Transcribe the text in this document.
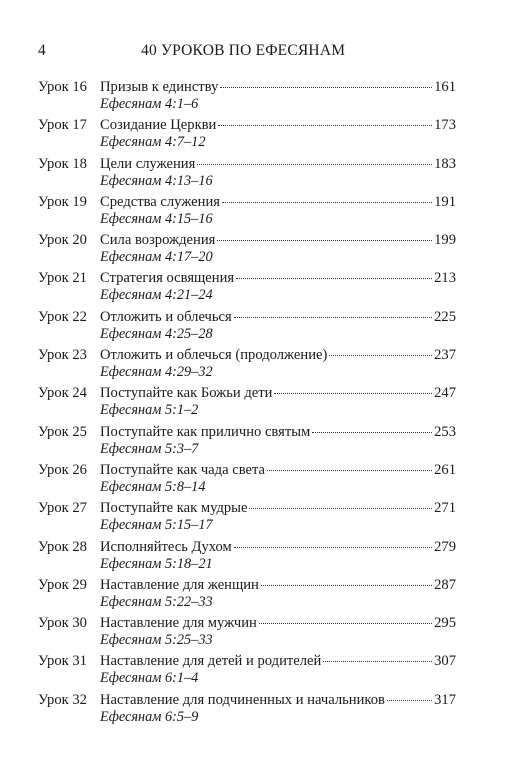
4	40 УРОКОВ ПО ЕФЕСЯНАМ
Урок 16 Призыв к единству	161
Ефесянам 4:1–6
Урок 17 Созидание Церкви	173
Ефесянам 4:7–12
Урок 18 Цели служения	183
Ефесянам 4:13–16
Урок 19 Средства служения	191
Ефесянам 4:15–16
Урок 20 Сила возрождения	199
Ефесянам 4:17–20
Урок 21 Стратегия освящения	213
Ефесянам 4:21–24
Урок 22 Отложить и облечься	225
Ефесянам 4:25–28
Урок 23 Отложить и облечься (продолжение)	237
Ефесянам 4:29–32
Урок 24 Поступайте как Божьи дети	247
Ефесянам 5:1–2
Урок 25 Поступайте как прилично святым	253
Ефесянам 5:3–7
Урок 26 Поступайте как чада света	261
Ефесянам 5:8–14
Урок 27 Поступайте как мудрые	271
Ефесянам 5:15–17
Урок 28 Исполняйтесь Духом	279
Ефесянам 5:18–21
Урок 29 Наставление для женщин	287
Ефесянам 5:22–33
Урок 30 Наставление для мужчин	295
Ефесянам 5:25–33
Урок 31 Наставление для детей и родителей	307
Ефесянам 6:1–4
Урок 32 Наставление для подчиненных и начальников	317
Ефесянам 6:5–9
